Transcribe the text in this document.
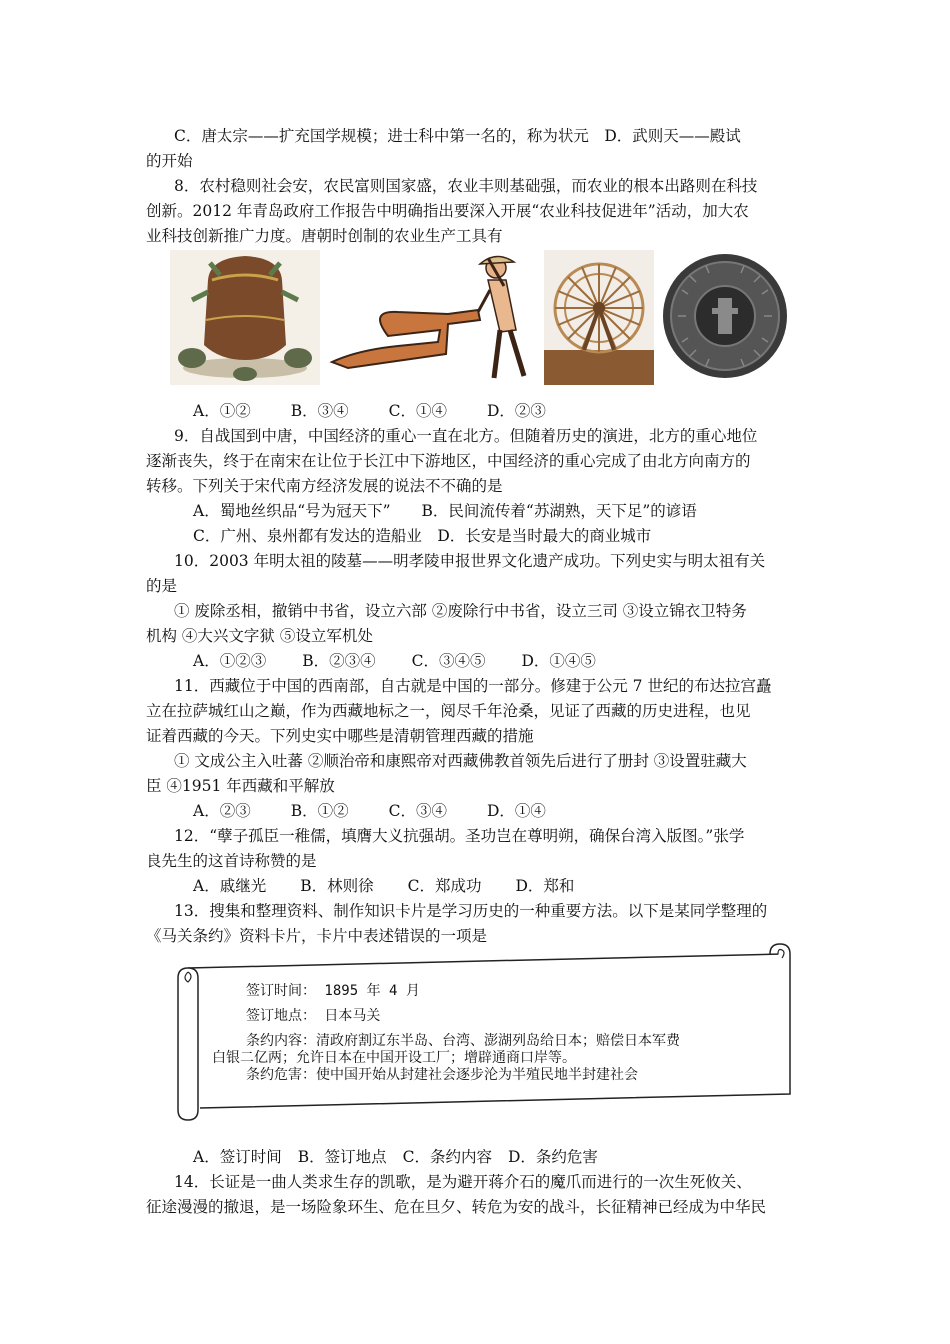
C．唐太宗——扩充国学规模；进士科中第一名的，称为状元　D．武则天——殿试
的开始
8．农村稳则社会安，农民富则国家盛，农业丰则基础强，而农业的根本出路则在科技
创新。2012 年青岛政府工作报告中明确指出要深入开展“农业科技促进年”活动，加大农
业科技创新推广力度。唐朝时创制的农业生产工具有
A．①②	B．③④	C．①④	D．②③
9．自战国到中唐，中国经济的重心一直在北方。但随着历史的演进，北方的重心地位
逐渐丧失，终于在南宋在让位于长江中下游地区，中国经济的重心完成了由北方向南方的
转移。下列关于宋代南方经济发展的说法不不确的是
A．蜀地丝织品“号为冠天下”　　B．民间流传着“苏湖熟，天下足”的谚语
C．广州、泉州都有发达的造船业　D．长安是当时最大的商业城市
10．2003 年明太祖的陵墓——明孝陵申报世界文化遗产成功。下列史实与明太祖有关
的是
① 废除丞相，撤销中书省，设立六部 ②废除行中书省，设立三司 ③设立锦衣卫特务
机构 ④大兴文字狱 ⑤设立军机处
A．①②③ B．②③④ C．③④⑤ D．①④⑤
11．西藏位于中国的西南部，自古就是中国的一部分。修建于公元 7 世纪的布达拉宫矗
立在拉萨城红山之巅，作为西藏地标之一，阅尽千年沧桑，见证了西藏的历史进程，也见
证着西藏的今天。下列史实中哪些是清朝管理西藏的措施
① 文成公主入吐蕃 ②顺治帝和康熙帝对西藏佛教首领先后进行了册封 ③设置驻藏大
臣 ④1951 年西藏和平解放
A．②③	B．①②	C．③④	D．①④
12．“孽子孤臣一稚儒，填膺大义抗强胡。圣功岂在尊明朔，确保台湾入版图。”张学
良先生的这首诗称赞的是
A．戚继光 B．林则徐 C．郑成功 D．郑和
13．搜集和整理资料、制作知识卡片是学习历史的一种重要方法。以下是某同学整理的
《马关条约》资料卡片，卡片中表述错误的一项是
签订时间： 1895 年 4 月
签订地点： 日本马关
条约内容：清政府割辽东半岛、台湾、澎湖列岛给日本；赔偿日本军费
白银二亿两；允许日本在中国开设工厂；增辟通商口岸等。
条约危害：使中国开始从封建社会逐步沦为半殖民地半封建社会
A．签订时间 B．签订地点 C．条约内容 D．条约危害
14．长证是一曲人类求生存的凯歌，是为避开蒋介石的魔爪而进行的一次生死攸关、
征途漫漫的撤退，是一场险象环生、危在旦夕、转危为安的战斗，长征精神已经成为中华民
